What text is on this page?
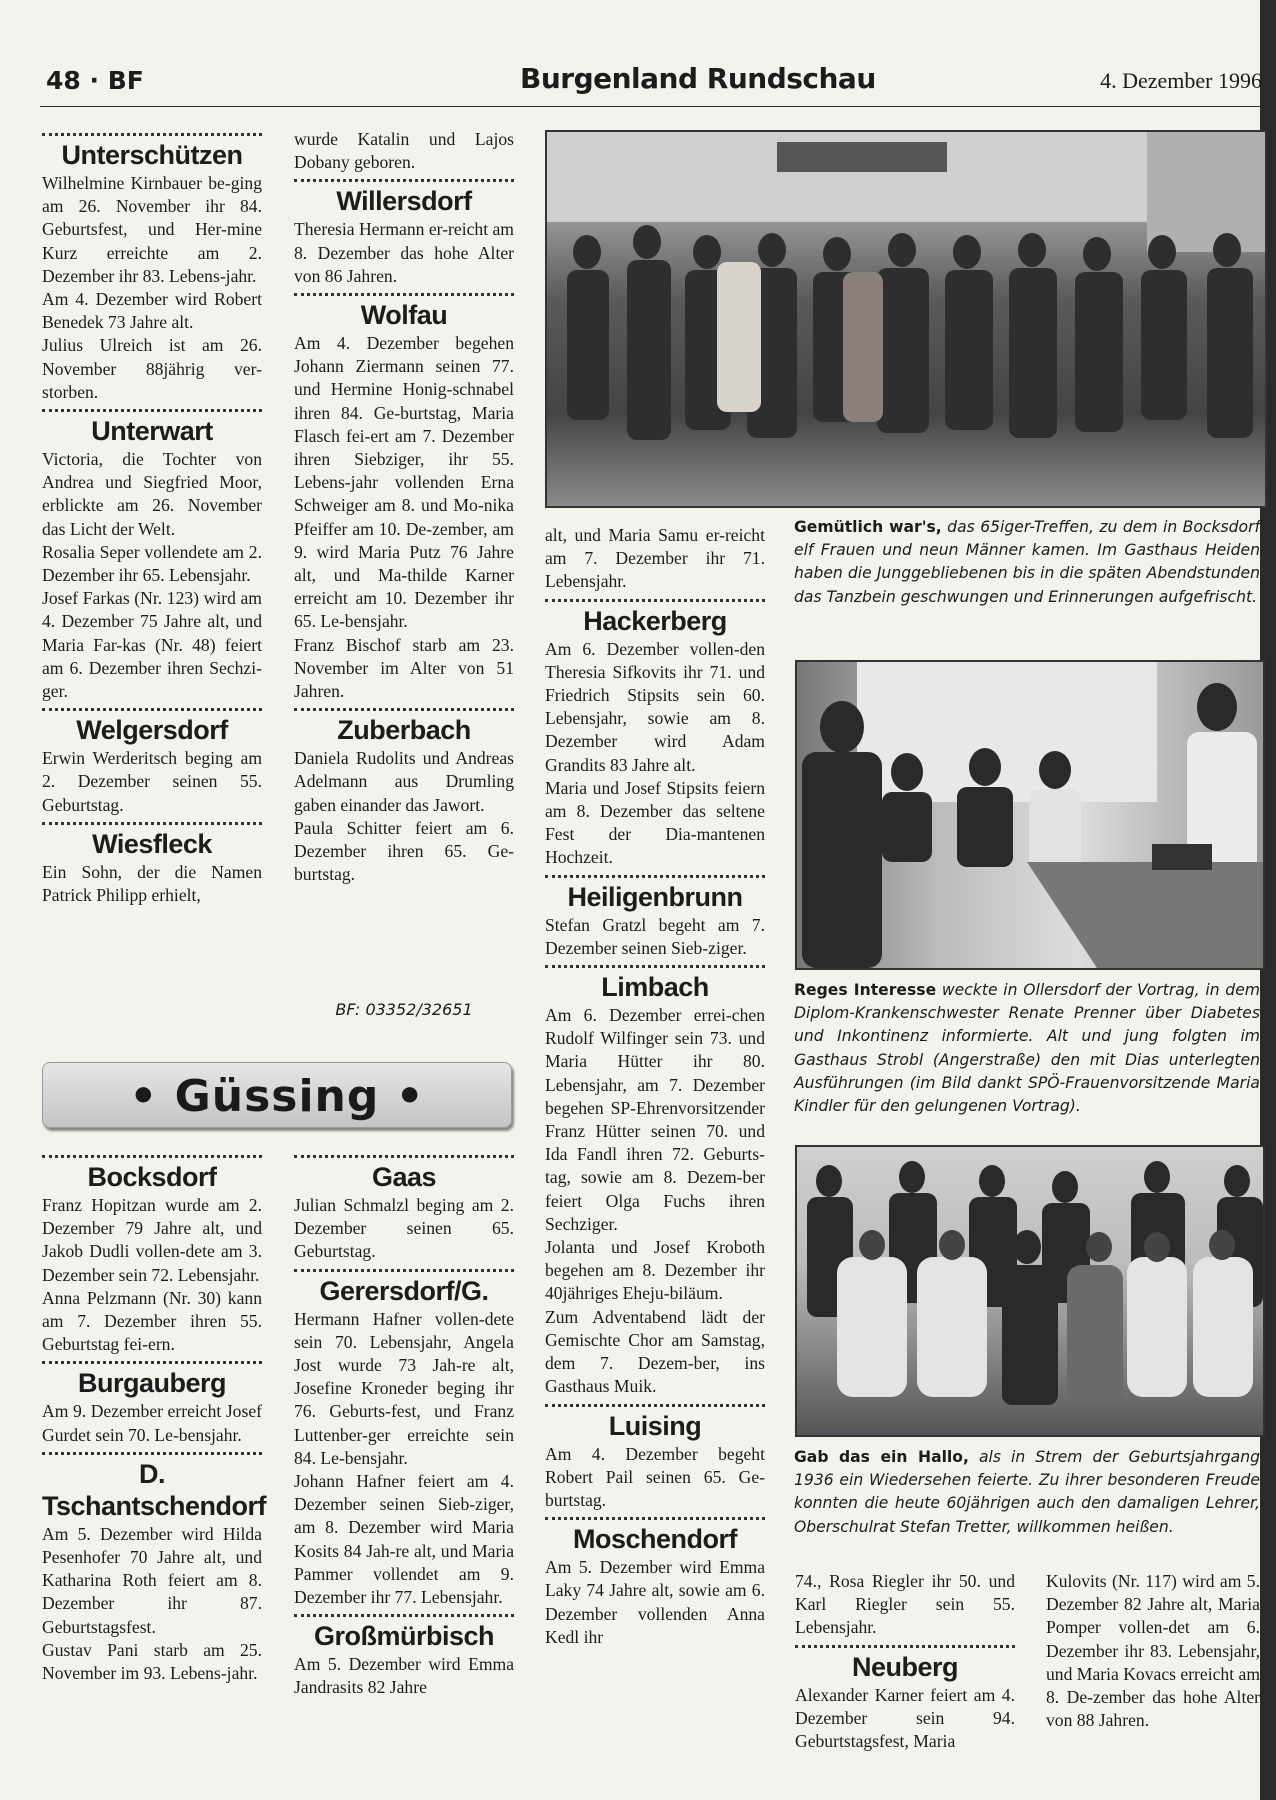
48 · BF	Burgenland Rundschau	4. Dezember 1996
Unterschützen

Wilhelmine Kirnbauer be-ging am 26. November ihr 84. Geburtsfest, und Her-mine Kurz erreichte am 2. Dezember ihr 83. Lebens-jahr.

Am 4. Dezember wird Robert Benedek 73 Jahre alt.

Julius Ulreich ist am 26. November 88jährig ver-storben.

Unterwart

Victoria, die Tochter von Andrea und Siegfried Moor, erblickte am 26. November das Licht der Welt.

Rosalia Seper vollendete am 2. Dezember ihr 65. Lebensjahr.

Josef Farkas (Nr. 123) wird am 4. Dezember 75 Jahre alt, und Maria Far-kas (Nr. 48) feiert am 6. Dezember ihren Sechzi-ger.

Welgersdorf

Erwin Werderitsch beging am 2. Dezember seinen 55. Geburtstag.

Wiesfleck

Ein Sohn, der die Namen Patrick Philipp erhielt,

wurde Katalin und Lajos Dobany geboren.

Willersdorf

Theresia Hermann er-reicht am 8. Dezember das hohe Alter von 86 Jahren.

Wolfau

Am 4. Dezember begehen Johann Ziermann seinen 77. und Hermine Honig-schnabel ihren 84. Ge-burtstag, Maria Flasch fei-ert am 7. Dezember ihren Siebziger, ihr 55. Lebens-jahr vollenden Erna Schweiger am 8. und Mo-nika Pfeiffer am 10. De-zember, am 9. wird Maria Putz 76 Jahre alt, und Ma-thilde Karner erreicht am 10. Dezember ihr 65. Le-bensjahr.

Franz Bischof starb am 23. November im Alter von 51 Jahren.

Zuberbach

Daniela Rudolits und Andreas Adelmann aus Drumling gaben einander das Jawort.

Paula Schitter feiert am 6. Dezember ihren 65. Ge-burtstag.

BF: 03352/32651
• Güssing •
Bocksdorf

Franz Hopitzan wurde am 2. Dezember 79 Jahre alt, und Jakob Dudli vollen-dete am 3. Dezember sein 72. Lebensjahr.

Anna Pelzmann (Nr. 30) kann am 7. Dezember ihren 55. Geburtstag fei-ern.

Burgauberg

Am 9. Dezember erreicht Josef Gurdet sein 70. Le-bensjahr.

D. Tschantschendorf

Am 5. Dezember wird Hilda Pesenhofer 70 Jahre alt, und Katharina Roth feiert am 8. Dezember ihr 87. Geburtstagsfest.

Gustav Pani starb am 25. November im 93. Lebens-jahr.

Gaas

Julian Schmalzl beging am 2. Dezember seinen 65. Geburtstag.

Gerersdorf/G.

Hermann Hafner vollen-dete sein 70. Lebensjahr, Angela Jost wurde 73 Jah-re alt, Josefine Kroneder beging ihr 76. Geburts-fest, und Franz Luttenber-ger erreichte sein 84. Le-bensjahr.

Johann Hafner feiert am 4. Dezember seinen Sieb-ziger, am 8. Dezember wird Maria Kosits 84 Jah-re alt, und Maria Pammer vollendet am 9. Dezember ihr 77. Lebensjahr.

Großmürbisch

Am 5. Dezember wird Emma Jandrasits 82 Jahre

Gemütlich war's, das 65iger-Treffen, zu dem in Bocksdorf elf Frauen und neun Männer kamen. Im Gasthaus Heiden haben die Junggebliebenen bis in die späten Abendstunden das Tanzbein geschwungen und Erinnerungen aufgefrischt.

alt, und Maria Samu er-reicht am 7. Dezember ihr 71. Lebensjahr.

Hackerberg

Am 6. Dezember vollen-den Theresia Sifkovits ihr 71. und Friedrich Stipsits sein 60. Lebensjahr, sowie am 8. Dezember wird Adam Grandits 83 Jahre alt.

Maria und Josef Stipsits feiern am 8. Dezember das seltene Fest der Dia-mantenen Hochzeit.

Heiligenbrunn

Stefan Gratzl begeht am 7. Dezember seinen Sieb-ziger.

Limbach

Am 6. Dezember errei-chen Rudolf Wilfinger sein 73. und Maria Hütter ihr 80. Lebensjahr, am 7. Dezember begehen SP-Ehrenvorsitzender Franz Hütter seinen 70. und Ida Fandl ihren 72. Geburts-tag, sowie am 8. Dezem-ber feiert Olga Fuchs ihren Sechziger.

Jolanta und Josef Kroboth begehen am 8. Dezember ihr 40jähriges Eheju-biläum.

Zum Adventabend lädt der Gemischte Chor am Samstag, dem 7. Dezem-ber, ins Gasthaus Muik.

Luising

Am 4. Dezember begeht Robert Pail seinen 65. Ge-burtstag.

Moschendorf

Am 5. Dezember wird Emma Laky 74 Jahre alt, sowie am 6. Dezember vollenden Anna Kedl ihr

Reges Interesse weckte in Ollersdorf der Vortrag, in dem Diplom-Krankenschwester Renate Prenner über Diabetes und Inkontinenz informierte. Alt und jung folgten im Gasthaus Strobl (Angerstraße) den mit Dias unterlegten Ausführungen (im Bild dankt SPÖ-Frauenvorsitzende Maria Kindler für den gelungenen Vortrag).
Gab das ein Hallo, als in Strem der Geburtsjahrgang 1936 ein Wiedersehen feierte. Zu ihrer besonderen Freude konnten die heute 60jährigen auch den damaligen Lehrer, Oberschulrat Stefan Tretter, willkommen heißen.

74., Rosa Riegler ihr 50. und Karl Riegler sein 55. Lebensjahr.

Neuberg

Alexander Karner feiert am 4. Dezember sein 94. Geburtstagsfest, Maria

Kulovits (Nr. 117) wird am 5. Dezember 82 Jahre alt, Maria Pomper vollen-det am 6. Dezember ihr 83. Lebensjahr, und Maria Kovacs erreicht am 8. De-zember das hohe Alter von 88 Jahren.
